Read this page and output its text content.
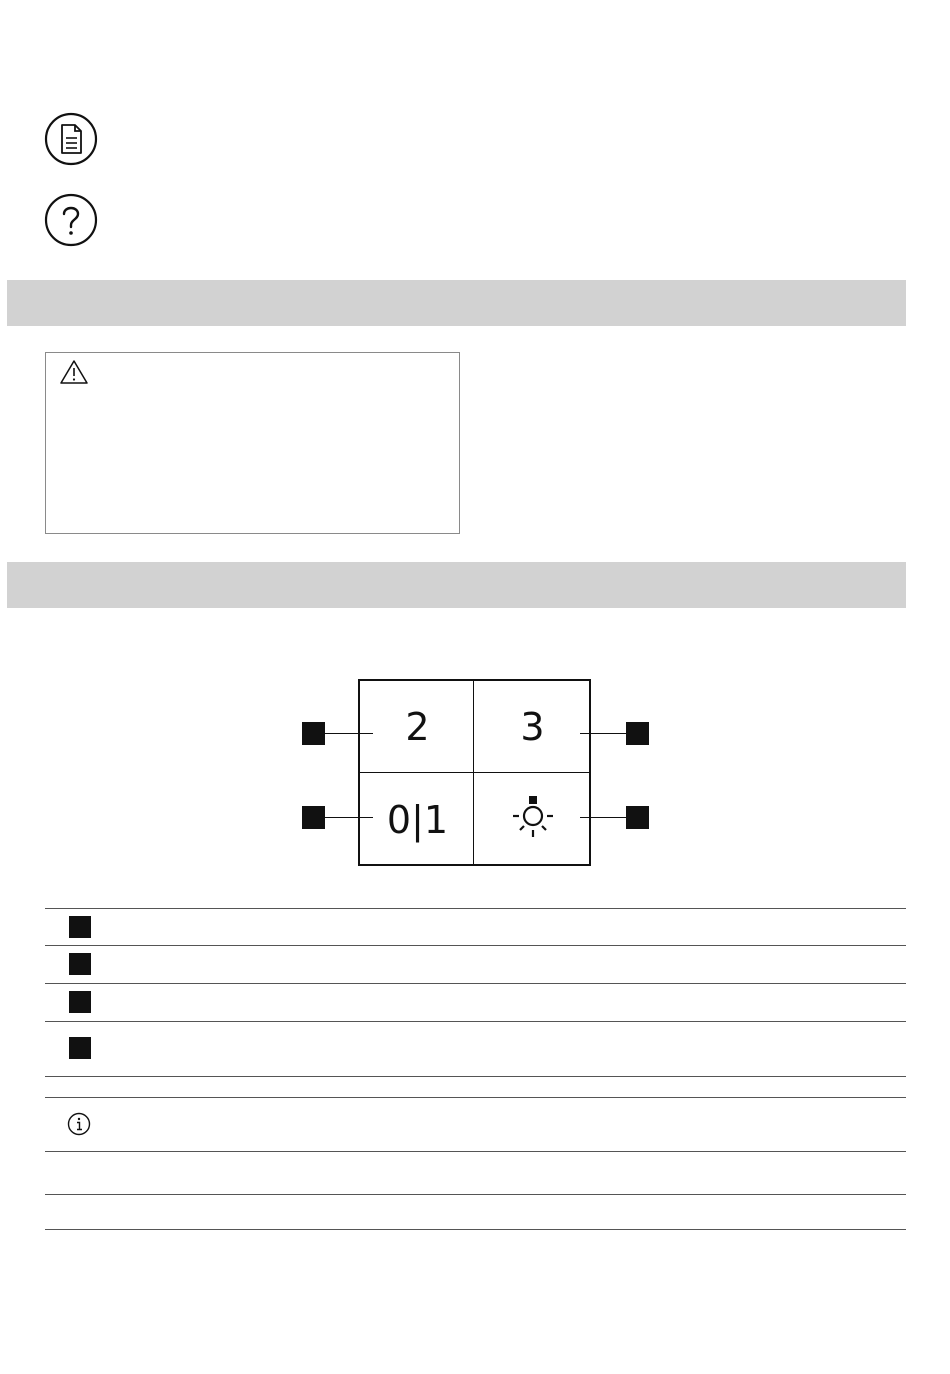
2	3
0|1
